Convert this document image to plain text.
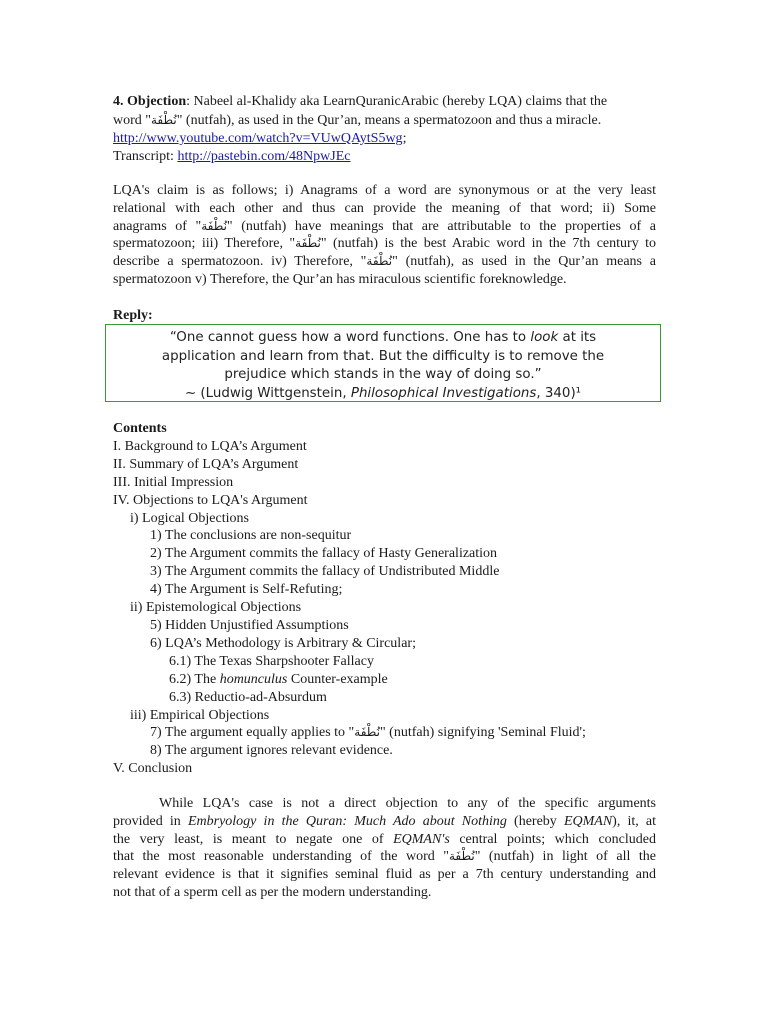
4. Objection: Nabeel al-Khalidy aka LearnQuranicArabic (hereby LQA) claims that the
word "نُطْفَة" (nutfah), as used in the Qur’an, means a spermatozoon and thus a miracle.
http://www.youtube.com/watch?v=VUwQAytS5wg;
Transcript: http://pastebin.com/48NpwJEc
LQA's claim is as follows; i) Anagrams of a word are synonymous or at the very least
relational with each other and thus can provide the meaning of that word; ii) Some
anagrams of "نُطْفَة" (nutfah) have meanings that are attributable to the properties of a
spermatozoon; iii) Therefore, "نُطْفَة" (nutfah) is the best Arabic word in the 7th century to
describe a spermatozoon. iv) Therefore, "نُطْفَة" (nutfah), as used in the Qur’an means a
spermatozoon v) Therefore, the Qur’an has miraculous scientific foreknowledge.
Reply:
“One cannot guess how a word functions. One has to look at its
application and learn from that. But the difficulty is to remove the
prejudice which stands in the way of doing so.”
~ (Ludwig Wittgenstein, Philosophical Investigations, 340)¹
Contents
I. Background to LQA’s Argument
II. Summary of LQA’s Argument
III. Initial Impression
IV. Objections to LQA's Argument
i) Logical Objections
1) The conclusions are non-sequitur
2) The Argument commits the fallacy of Hasty Generalization
3) The Argument commits the fallacy of Undistributed Middle
4) The Argument is Self-Refuting;
ii) Epistemological Objections
5) Hidden Unjustified Assumptions
6) LQA’s Methodology is Arbitrary & Circular;
6.1) The Texas Sharpshooter Fallacy
6.2) The homunculus Counter-example
6.3) Reductio-ad-Absurdum
iii) Empirical Objections
7) The argument equally applies to "نُطْفَة" (nutfah) signifying 'Seminal Fluid';
8) The argument ignores relevant evidence.
V. Conclusion
While LQA's case is not a direct objection to any of the specific arguments
provided in Embryology in the Quran: Much Ado about Nothing (hereby EQMAN), it, at
the very least, is meant to negate one of EQMAN's central points; which concluded
that the most reasonable understanding of the word "نُطْفَة" (nutfah) in light of all the
relevant evidence is that it signifies seminal fluid as per a 7th century understanding and
not that of a sperm cell as per the modern understanding.
